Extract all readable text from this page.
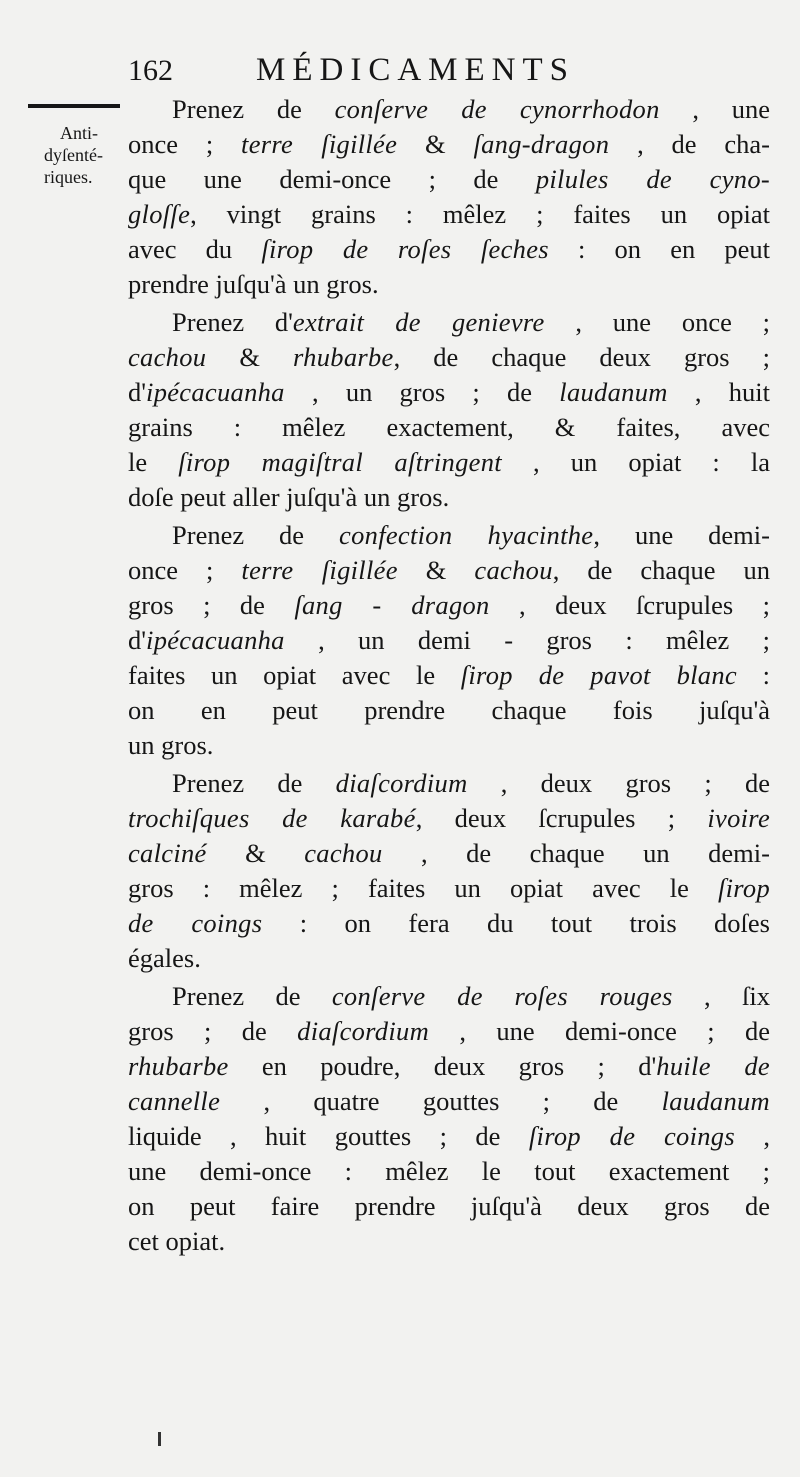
162	MÉDICAMENTS
Anti-
dyſenté-
riques.
Prenez de conſerve de cynorrhodon , une
once ; terre ſigillée & ſang-dragon , de cha-
que une demi-once ; de pilules de cyno-
gloſſe, vingt grains : mêlez ; faites un opiat
avec du ſirop de roſes ſeches : on en peut
prendre juſqu'à un gros.
Prenez d'extrait de genievre , une once ;
cachou & rhubarbe, de chaque deux gros ;
d'ipécacuanha , un gros ; de laudanum , huit
grains : mêlez exactement, & faites, avec
le ſirop magiſtral aſtringent , un opiat : la
doſe peut aller juſqu'à un gros.
Prenez de confection hyacinthe, une demi-
once ; terre ſigillée & cachou, de chaque un
gros ; de ſang - dragon , deux ſcrupules ;
d'ipécacuanha , un demi - gros : mêlez ;
faites un opiat avec le ſirop de pavot blanc :
on en peut prendre chaque fois juſqu'à
un gros.
Prenez de diaſcordium , deux gros ; de
trochiſques de karabé, deux ſcrupules ; ivoire
calciné & cachou , de chaque un demi-
gros : mêlez ; faites un opiat avec le ſirop
de coings : on fera du tout trois doſes
égales.
Prenez de conſerve de roſes rouges , ſix
gros ; de diaſcordium , une demi-once ; de
rhubarbe en poudre, deux gros ; d'huile de
cannelle , quatre gouttes ; de laudanum
liquide , huit gouttes ; de ſirop de coings ,
une demi-once : mêlez le tout exactement ;
on peut faire prendre juſqu'à deux gros de
cet opiat.
